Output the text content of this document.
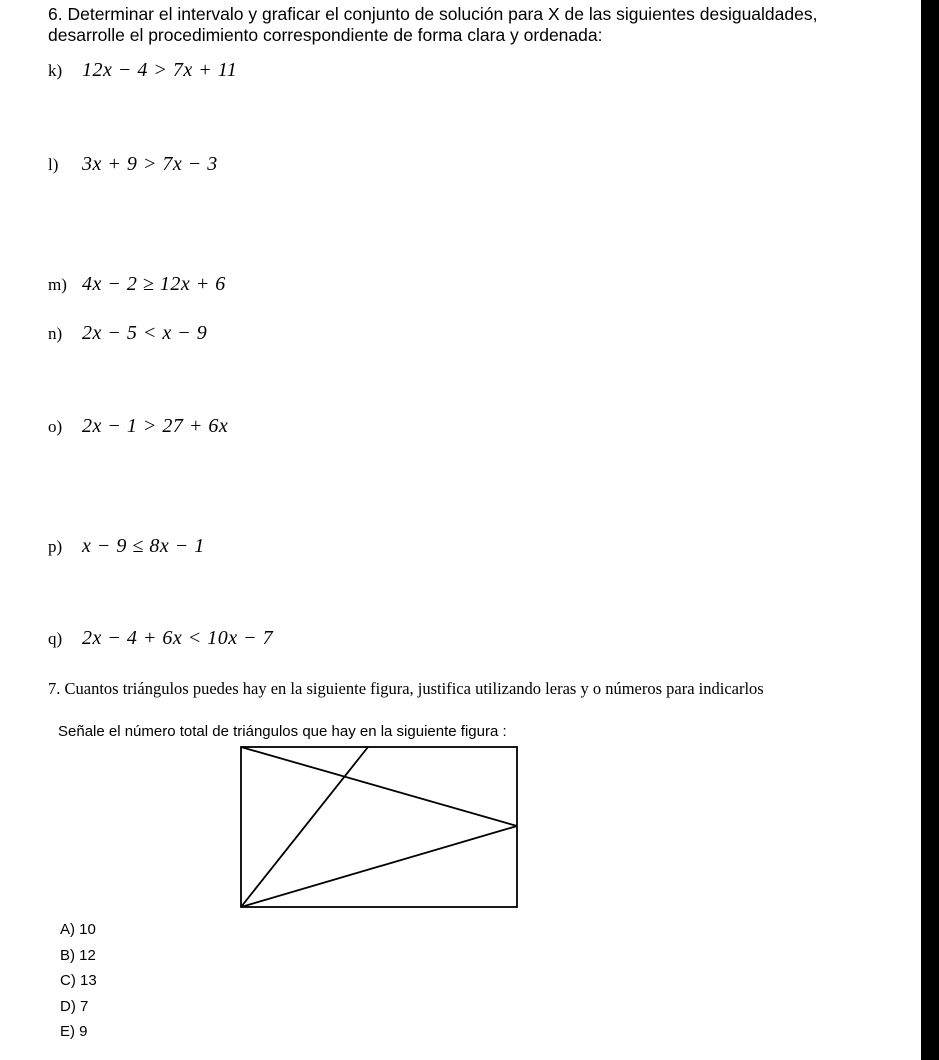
6. Determinar el intervalo y graficar el conjunto de solución para X de las siguientes desigualdades,
desarrolle el procedimiento correspondiente de forma clara y ordenada:
k) 12x − 4 > 7x + 11
l) 3x + 9 > 7x − 3
m) 4x − 2 ≥ 12x + 6
n) 2x − 5 < x − 9
o) 2x − 1 > 27 + 6x
p) x − 9 ≤ 8x − 1
q) 2x − 4 + 6x < 10x − 7
7. Cuantos triángulos puedes hay en la siguiente figura, justifica utilizando leras y o números para indicarlos
Señale el número total de triángulos que hay en la siguiente figura :
A) 10
B) 12
C) 13
D) 7
E) 9
